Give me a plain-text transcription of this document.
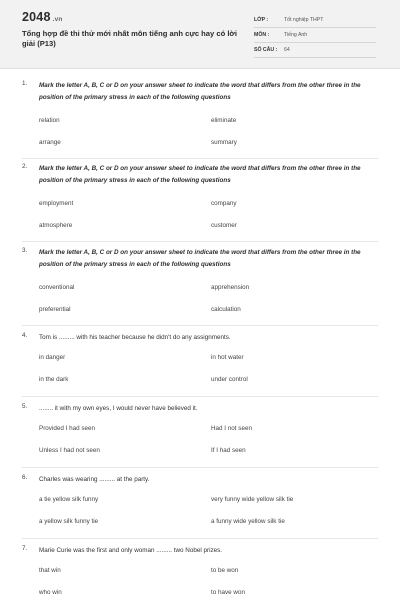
2048 .vn
Tổng hợp đề thi thử mới nhất môn tiếng anh cực hay có lời giải (P13)
LỚP :	Tốt nghiệp THPT
MÔN :	Tiếng Anh
SỐ CÂU : 64
1. Mark the letter A, B, C or D on your answer sheet to indicate the word that differs from the other three in the position of the primary stress in each of the following questions
relation	eliminate
arrange	summary
2. Mark the letter A, B, C or D on your answer sheet to indicate the word that differs from the other three in the position of the primary stress in each of the following questions
employment	company
atmosphere	customer
3. Mark the letter A, B, C or D on your answer sheet to indicate the word that differs from the other three in the position of the primary stress in each of the following questions
conventional	apprehension
preferential	calculation
4. Tom is ......... with his teacher because he didn't do any assignments.
in danger	in hot water
in the dark	under control
5. ........ it with my own eyes, I would never have believed it.
Provided I had seen	Had I not seen
Unless I had not seen	If I had seen
6. Charles was wearing ......... at the party.
a tie yellow silk funny	very funny wide yellow silk tie
a yellow silk funny tie	a funny wide yellow silk tie
7. Marie Curie was the first and only woman ......... two Nobel prizes.
that win	to be won
who win	to have won
